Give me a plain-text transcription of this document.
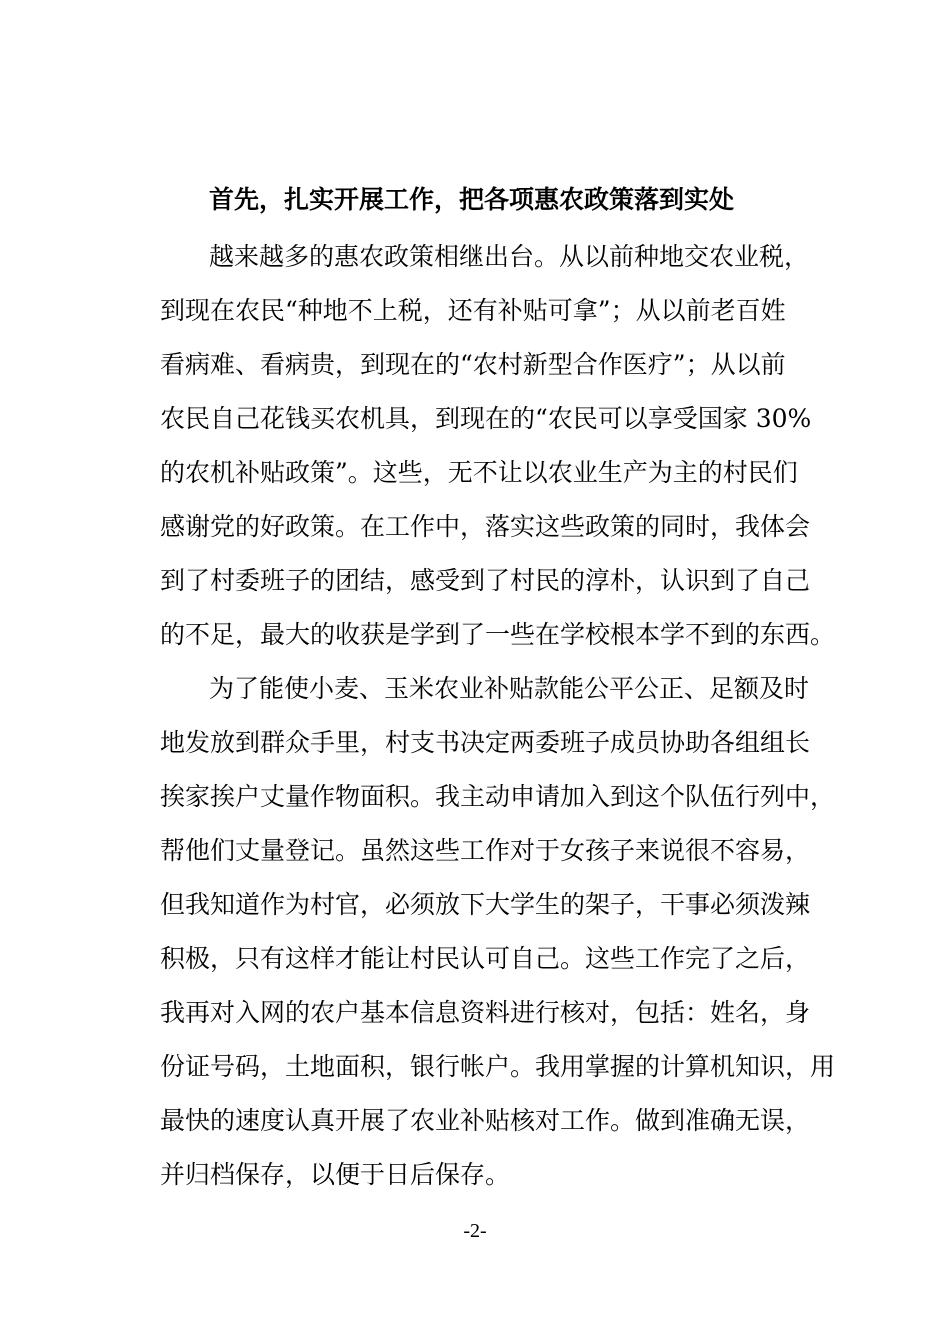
首先，扎实开展工作，把各项惠农政策落到实处
越来越多的惠农政策相继出台。从以前种地交农业税，
到现在农民“种地不上税，还有补贴可拿”；从以前老百姓
看病难、看病贵，到现在的“农村新型合作医疗”；从以前
农民自己花钱买农机具，到现在的“农民可以享受国家 30%
的农机补贴政策”。这些，无不让以农业生产为主的村民们
感谢党的好政策。在工作中，落实这些政策的同时，我体会
到了村委班子的团结，感受到了村民的淳朴，认识到了自己
的不足，最大的收获是学到了一些在学校根本学不到的东西。
为了能使小麦、玉米农业补贴款能公平公正、足额及时
地发放到群众手里，村支书决定两委班子成员协助各组组长
挨家挨户丈量作物面积。我主动申请加入到这个队伍行列中，
帮他们丈量登记。虽然这些工作对于女孩子来说很不容易，
但我知道作为村官，必须放下大学生的架子，干事必须泼辣
积极，只有这样才能让村民认可自己。这些工作完了之后，
我再对入网的农户基本信息资料进行核对，包括：姓名，身
份证号码，土地面积，银行帐户。我用掌握的计算机知识，用
最快的速度认真开展了农业补贴核对工作。做到准确无误，
并归档保存，以便于日后保存。
-2-
